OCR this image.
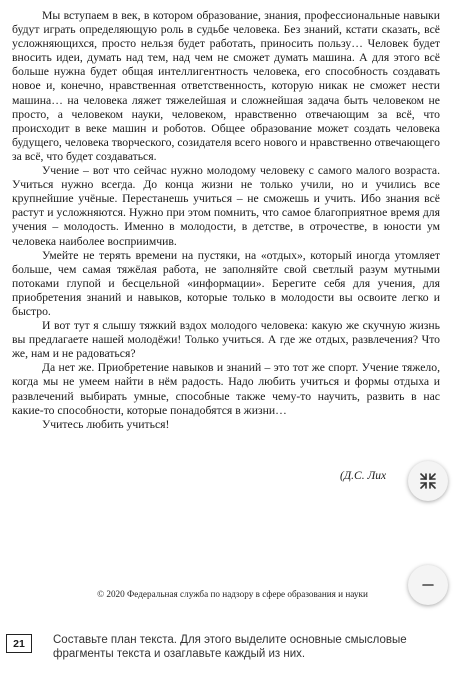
Мы вступаем в век, в котором образование, знания, профессиональные навыки будут играть определяющую роль в судьбе человека. Без знаний, кстати сказать, всё усложняющихся, просто нельзя будет работать, приносить пользу… Человек будет вносить идеи, думать над тем, над чем не сможет думать машина. А для этого всё больше нужна будет общая интеллигентность человека, его способность создавать новое и, конечно, нравственная ответственность, которую никак не сможет нести машина… на человека ляжет тяжелейшая и сложнейшая задача быть человеком не просто, а человеком науки, человеком, нравственно отвечающим за всё, что происходит в веке машин и роботов. Общее образование может создать человека будущего, человека творческого, созидателя всего нового и нравственно отвечающего за всё, что будет создаваться.

Учение – вот что сейчас нужно молодому человеку с самого малого возраста. Учиться нужно всегда. До конца жизни не только учили, но и учились все крупнейшие учёные. Перестанешь учиться – не сможешь и учить. Ибо знания всё растут и усложняются. Нужно при этом помнить, что самое благоприятное время для учения – молодость. Именно в молодости, в детстве, в отрочестве, в юности ум человека наиболее восприимчив.

Умейте не терять времени на пустяки, на «отдых», который иногда утомляет больше, чем самая тяжёлая работа, не заполняйте свой светлый разум мутными потоками глупой и бесцельной «информации». Берегите себя для учения, для приобретения знаний и навыков, которые только в молодости вы освоите легко и быстро.

И вот тут я слышу тяжкий вздох молодого человека: какую же скучную жизнь вы предлагаете нашей молодёжи! Только учиться. А где же отдых, развлечения? Что же, нам и не радоваться?

Да нет же. Приобретение навыков и знаний – это тот же спорт. Учение тяжело, когда мы не умеем найти в нём радость. Надо любить учиться и формы отдыха и развлечений выбирать умные, способные также чему-то научить, развить в нас какие-то способности, которые понадобятся в жизни…

Учитесь любить учиться!

(Д.С. Лих
© 2020 Федеральная служба по надзору в сфере образования и науки
21	Составьте план текста. Для этого выделите основные смысловые фрагменты текста и озаглавьте каждый из них.
